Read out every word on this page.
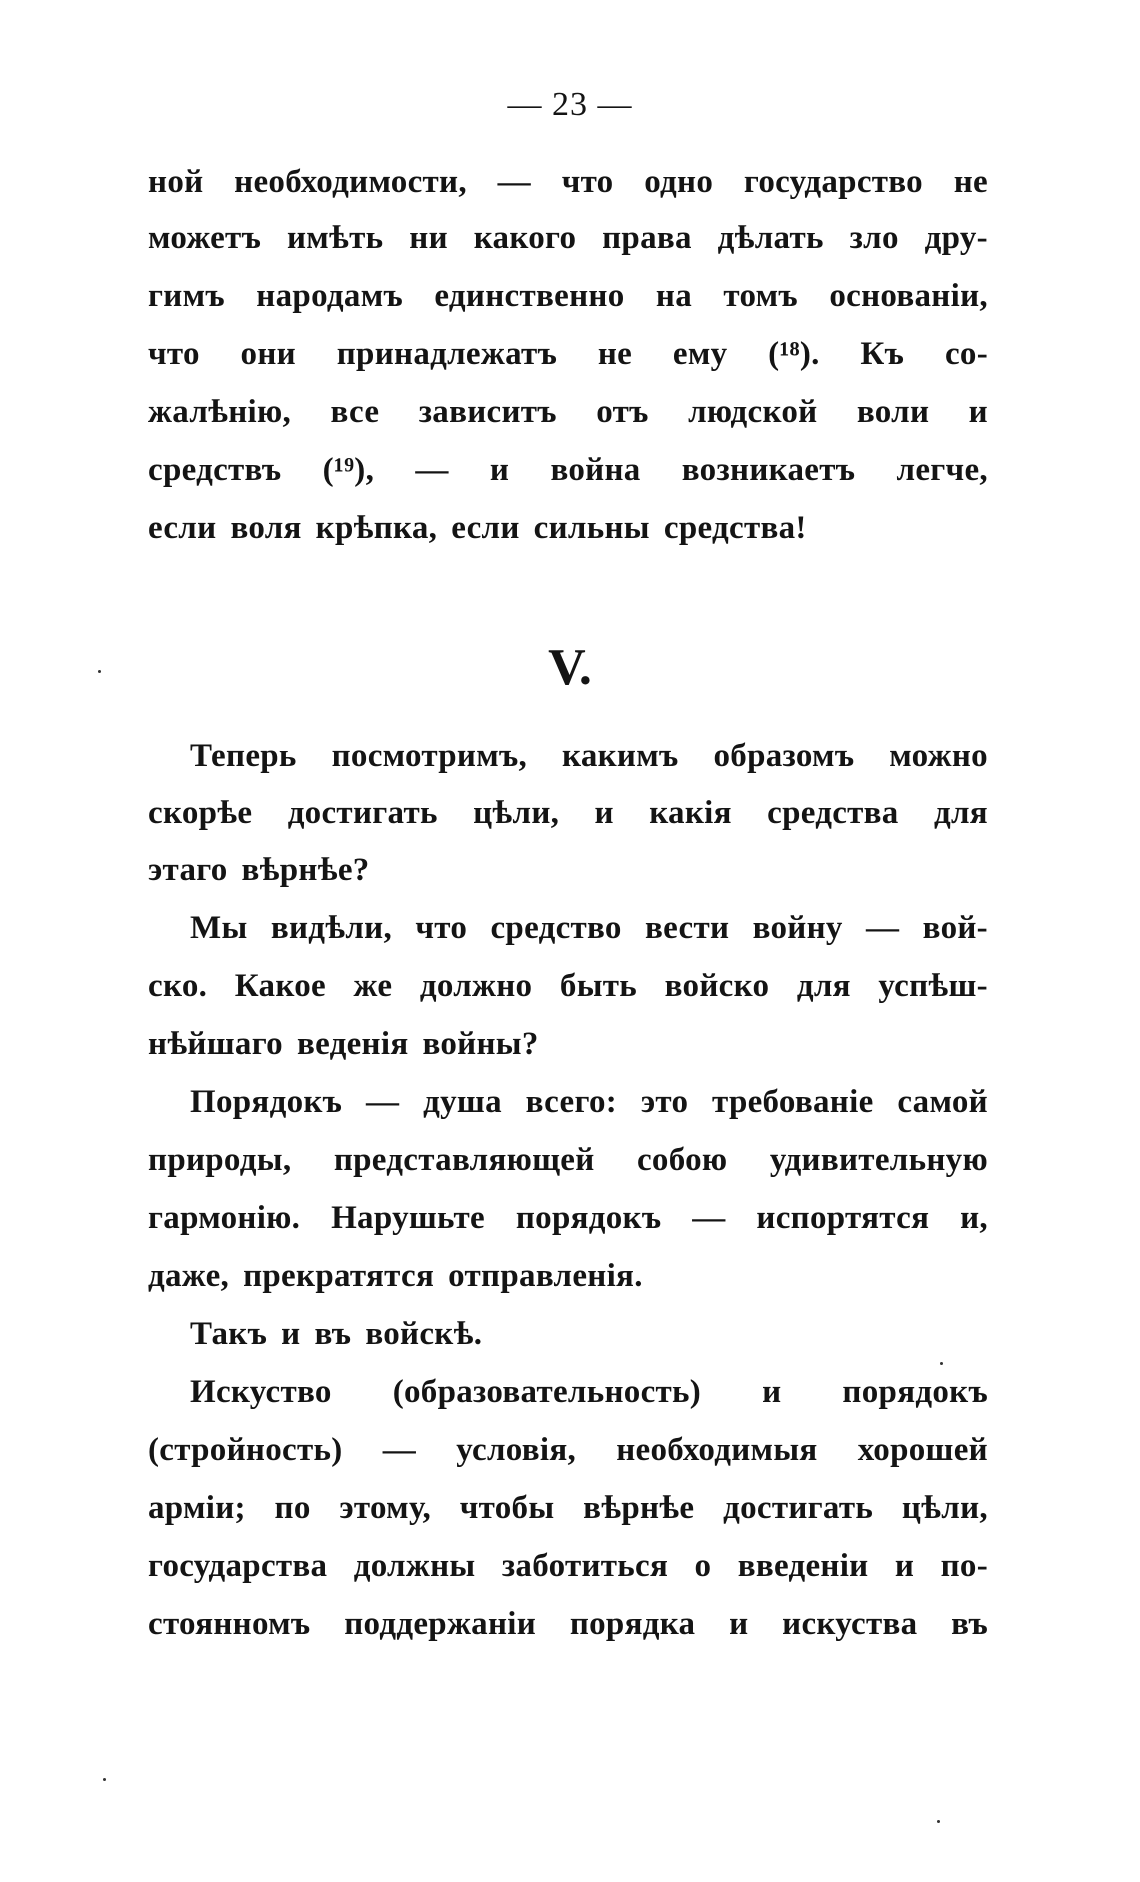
— 23 —
ной необходимости, — что одно государство не
можетъ имѣть ни какого права дѣлать зло дру-
гимъ народамъ единственно на томъ основаніи,
что они принадлежатъ не ему (¹⁸). Къ со-
жалѣнію, все зависитъ отъ людской воли и
средствъ (¹⁹), — и война возникаетъ легче,
если воля крѣпка, если сильны средства!
Теперь посмотримъ, какимъ образомъ можно
скорѣе достигать цѣли, и какія средства для
этаго вѣрнѣе?
Мы видѣли, что средство вести войну — вой-
ско. Какое же должно быть войско для успѣш-
нѣйшаго веденія войны?
Порядокъ — душа всего: это требованіе самой
природы, представляющей собою удивительную
гармонію. Нарушьте порядокъ — испортятся и,
даже, прекратятся отправленія.
Такъ и въ войскѣ.
Искуство (образовательность) и порядокъ
(стройность) — условія, необходимыя хорошей
арміи; по этому, чтобы вѣрнѣе достигать цѣли,
государства должны заботиться о введеніи и по-
стоянномъ поддержаніи порядка и искуства въ
V.
